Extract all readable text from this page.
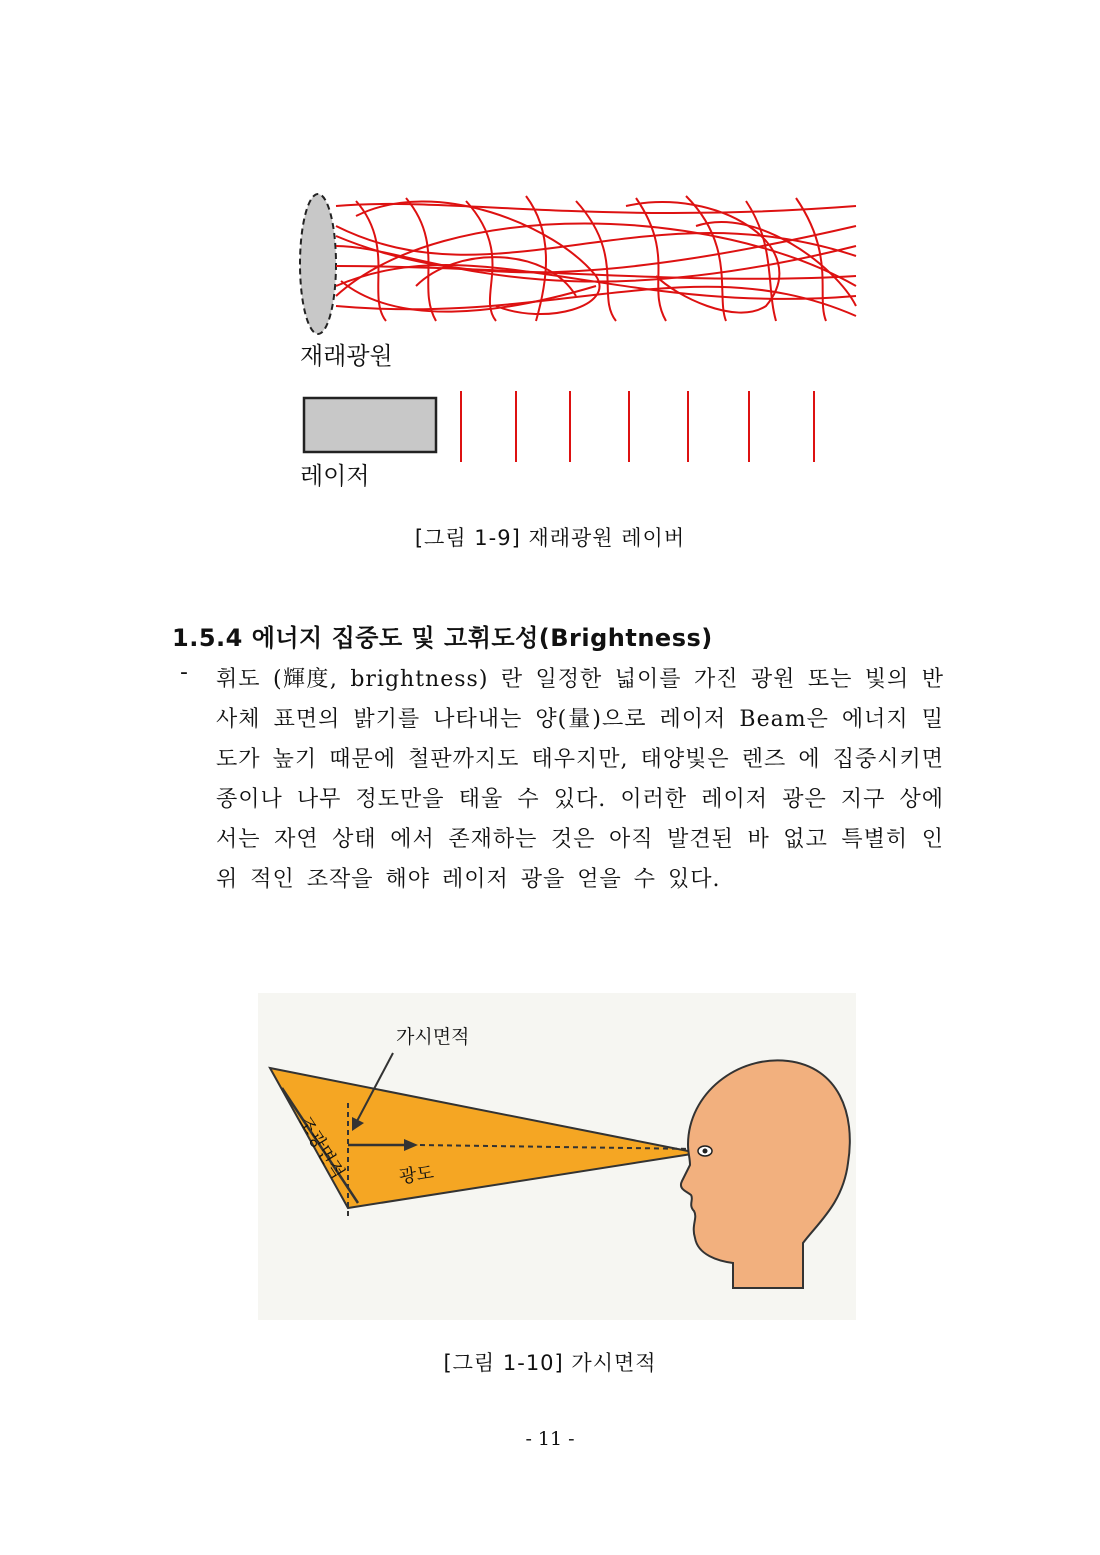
재래광원
레이저
[그림 1-9] 재래광원 레이버
1.5.4 에너지 집중도 및 고휘도성(Brightness)
- 휘도 (輝度, brightness) 란 일정한 넓이를 가진 광원 또는 빛의 반사체 표면의 밝기를 나타내는 양(量)으로 레이저 Beam은 에너지 밀도가 높기 때문에 철판까지도 태우지만, 태양빛은 렌즈 에 집중시키면 종이나 나무 정도만을 태울 수 있다. 이러한 레이저 광은 지구 상에서는 자연 상태 에서 존재하는 것은 아직 발견된 바 없고 특별히 인위 적인 조작을 해야 레이저 광을 얻을 수 있다.
가시면적
조광면적	광도
[그림 1-10] 가시면적
- 11 -
